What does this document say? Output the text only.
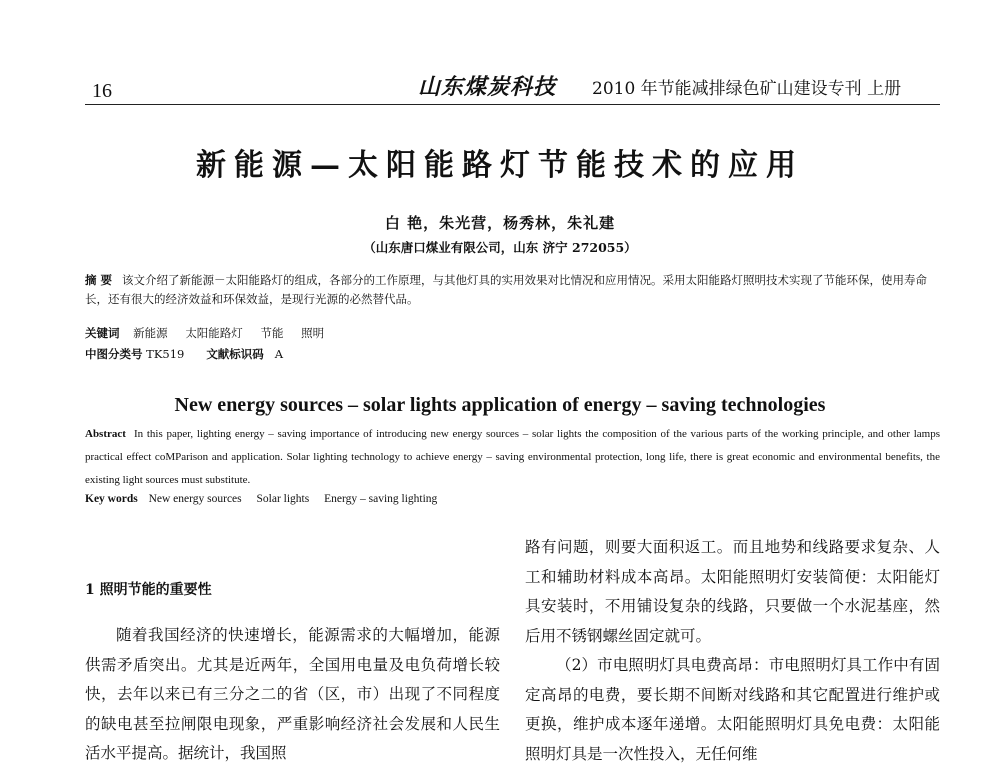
16	山东煤炭科技 2010 年节能减排绿色矿山建设专刊 上册
新能源—太阳能路灯节能技术的应用
白 艳，朱光营，杨秀林，朱礼建
（山东唐口煤业有限公司，山东 济宁 272055）
摘 要 该文介绍了新能源－太阳能路灯的组成，各部分的工作原理，与其他灯具的实用效果对比情况和应用情况。采用太阳能路灯照明技术实现了节能环保，使用寿命长，还有很大的经济效益和环保效益，是现行光源的必然替代品。
关键词 新能源 太阳能路灯 节能 照明
中图分类号 TK519 文献标识码 A
New energy sources – solar lights application of energy – saving technologies
Abstract In this paper, lighting energy – saving importance of introducing new energy sources – solar lights the composition of the various parts of the working principle, and other lamps practical effect coMParison and application. Solar lighting technology to achieve energy – saving environmental protection, long life, there is great economic and environmental benefits, the existing light sources must substitute.
Key words New energy sources Solar lights Energy – saving lighting
1 照明节能的重要性

随着我国经济的快速增长，能源需求的大幅增加，能源供需矛盾突出。尤其是近两年，全国用电量及电负荷增长较快，去年以来已有三分之二的省（区，市）出现了不同程度的缺电甚至拉闸限电现象，严重影响经济社会发展和人民生活水平提高。据统计，我国照

路有问题，则要大面积返工。而且地势和线路要求复杂、人工和辅助材料成本高昂。太阳能照明灯安装简便：太阳能灯具安装时，不用铺设复杂的线路，只要做一个水泥基座，然后用不锈钢螺丝固定就可。

（2）市电照明灯具电费高昂：市电照明灯具工作中有固定高昂的电费，要长期不间断对线路和其它配置进行维护或更换，维护成本逐年递增。太阳能照明灯具免电费：太阳能照明灯具是一次性投入，无任何维
